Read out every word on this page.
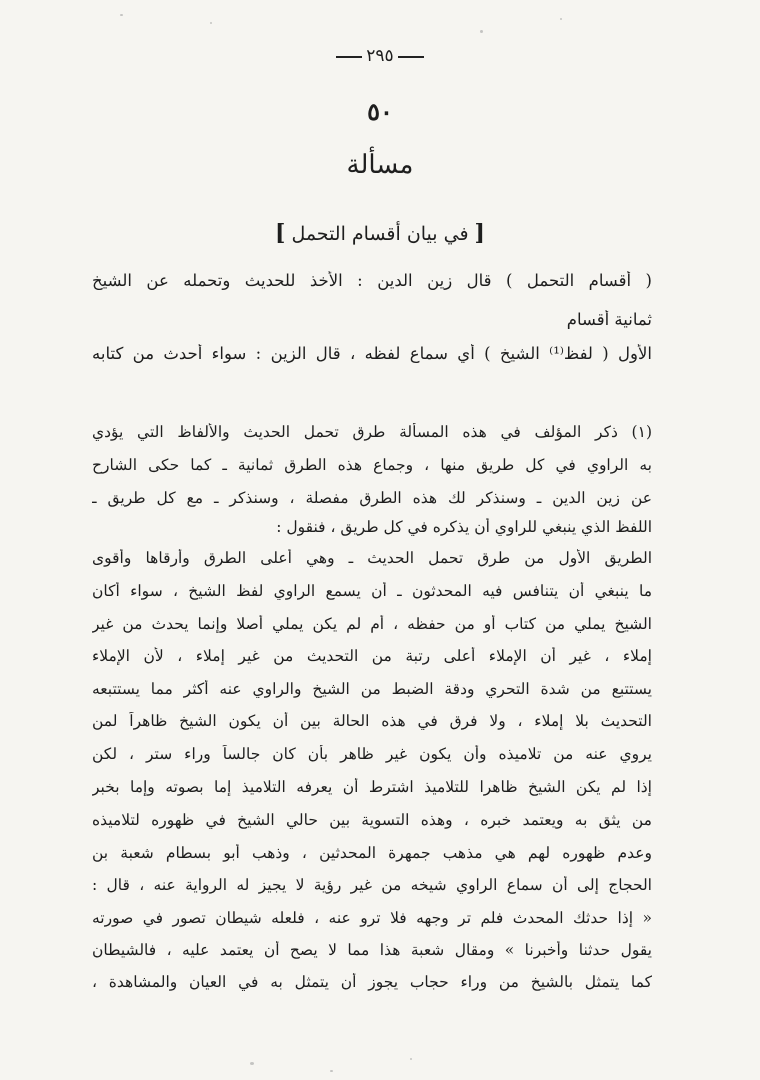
٢٩٥
٥٠
مسألة
[في بيان أقسام التحمل]
( أقسام التحمل ) قال زين الدين : الأخذ للحديث وتحمله عن الشيخ
ثمانية أقسام
الأول ( لفظ⁽¹⁾ الشيخ ) أي سماع لفظه ، قال الزين : سواء أحدث من كتابه
(١) ذكر المؤلف في هذه المسألة طرق تحمل الحديث والألفاظ التي يؤدي
به الراوي في كل طريق منها ، وجماع هذه الطرق ثمانية ـ كما حكى الشارح
عن زين الدين ـ وسنذكر لك هذه الطرق مفصلة ، وسنذكر ـ مع كل طريق ـ
اللفظ الذي ينبغي للراوي أن يذكره في كل طريق ، فنقول :
الطريق الأول من طرق تحمل الحديث ـ وهي أعلى الطرق وأرقاها وأقوى
ما ينبغي أن يتنافس فيه المحدثون ـ أن يسمع الراوي لفظ الشيخ ، سواء أكان
الشيخ يملي من كتاب أو من حفظه ، أم لم يكن يملي أصلا وإنما يحدث من غير
إملاء ، غير أن الإملاء أعلى رتبة من التحديث من غير إملاء ، لأن الإملاء
يستتبع من شدة التحري ودقة الضبط من الشيخ والراوي عنه أكثر مما يستتبعه
التحديث بلا إملاء ، ولا فرق في هذه الحالة بين أن يكون الشيخ ظاهراً لمن
يروي عنه من تلاميذه وأن يكون غير ظاهر بأن كان جالساً وراء ستر ، لكن
إذا لم يكن الشيخ ظاهرا للتلاميذ اشترط أن يعرفه التلاميذ إما بصوته وإما بخبر
من يثق به ويعتمد خبره ، وهذه التسوية بين حالي الشيخ في ظهوره لتلاميذه
وعدم ظهوره لهم هي مذهب جمهرة المحدثين ، وذهب أبو بسطام شعبة بن
الحجاج إلى أن سماع الراوي شيخه من غير رؤية لا يجيز له الرواية عنه ، قال :
« إذا حدثك المحدث فلم تر وجهه فلا ترو عنه ، فلعله شيطان تصور في صورته
يقول حدثنا وأخبرنا » ومقال شعبة هذا مما لا يصح أن يعتمد عليه ، فالشيطان
كما يتمثل بالشيخ من وراء حجاب يجوز أن يتمثل به في العيان والمشاهدة ،
